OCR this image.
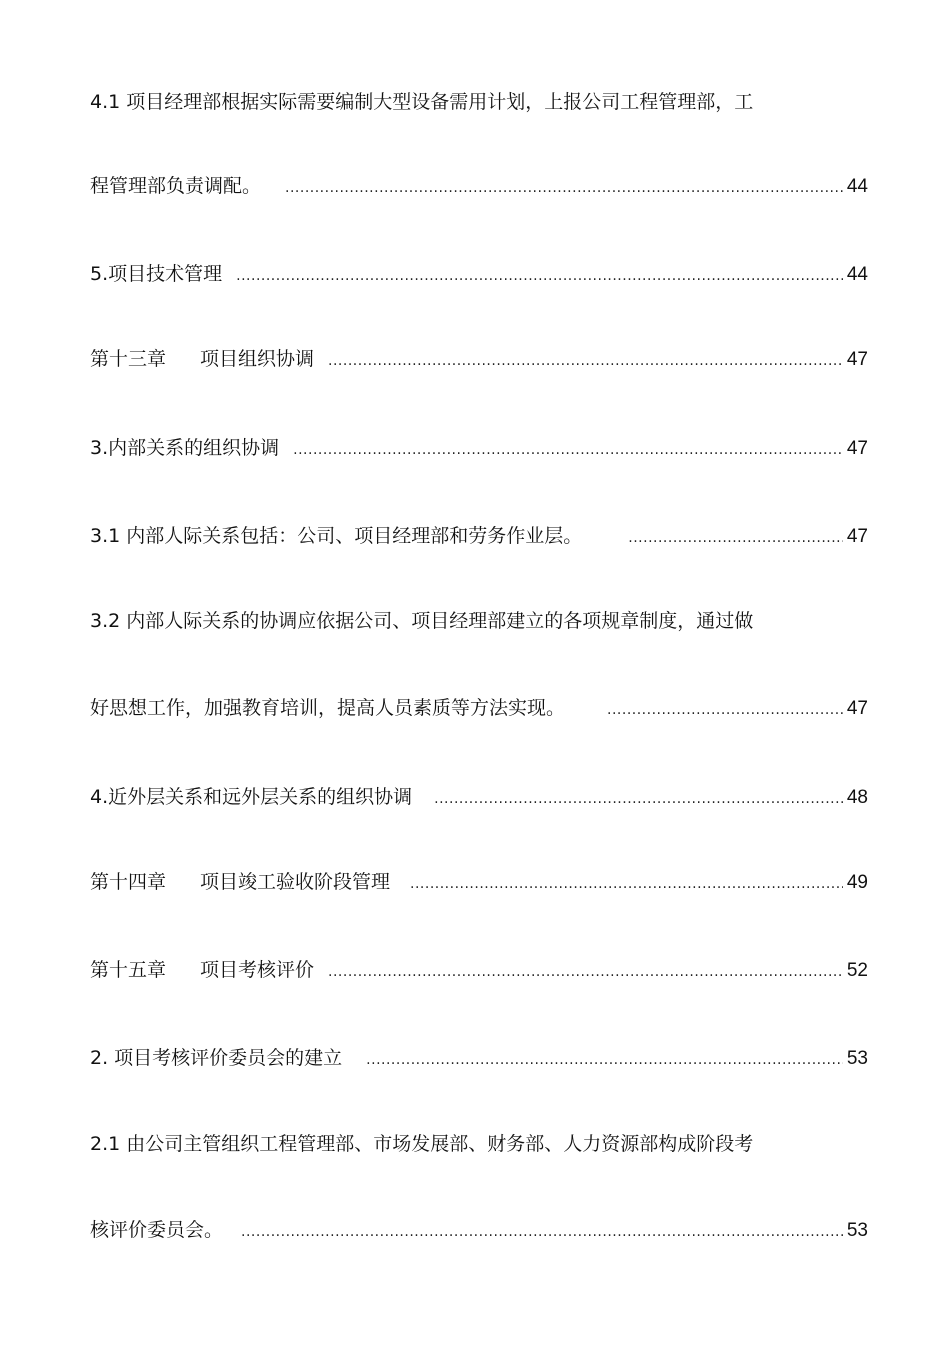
4.1 项目经理部根据实际需要编制大型设备需用计划，上报公司工程管理部，工
程管理部负责调配。 .....	44
5.项目技术管理 .....	44
第十三章 项目组织协调 .....	47
3.内部关系的组织协调 .....	47
3.1 内部人际关系包括：公司、项目经理部和劳务作业层。 .....	47
3.2 内部人际关系的协调应依据公司、项目经理部建立的各项规章制度，通过做
好思想工作，加强教育培训，提高人员素质等方法实现。 .....	47
4.近外层关系和远外层关系的组织协调 .....	48
第十四章 项目竣工验收阶段管理 .....	49
第十五章 项目考核评价 .....	52
2. 项目考核评价委员会的建立 .....	53
2.1 由公司主管组织工程管理部、市场发展部、财务部、人力资源部构成阶段考
核评价委员会。 .....	53
